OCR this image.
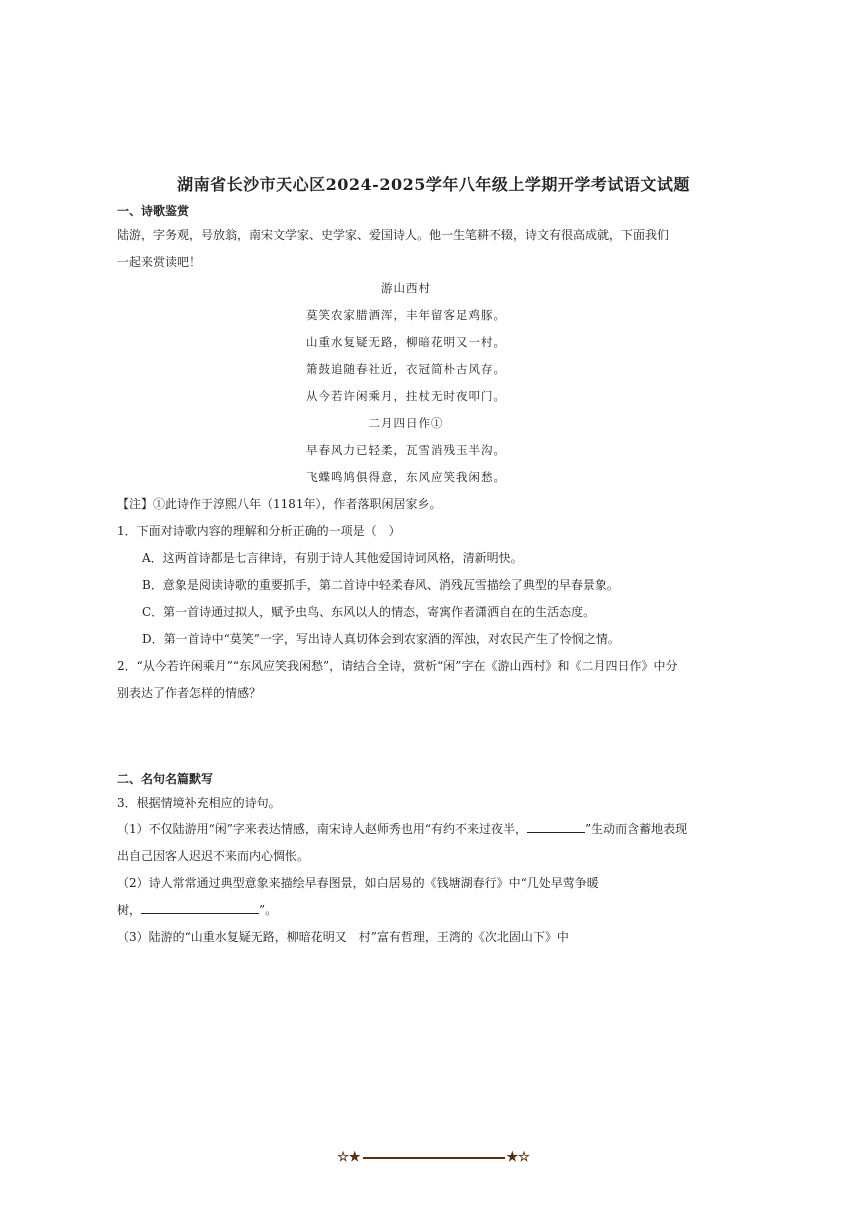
湖南省长沙市天心区2024-2025学年八年级上学期开学考试语文试题
一、诗歌鉴赏
陆游，字务观，号放翁，南宋文学家、史学家、爱国诗人。他一生笔耕不辍，诗文有很高成就，下面我们
一起来赏读吧！
游山西村
莫笑农家腊酒浑，丰年留客足鸡豚。
山重水复疑无路，柳暗花明又一村。
箫鼓追随春社近，衣冠简朴古风存。
从今若许闲乘月，拄杖无时夜叩门。
二月四日作①
早春风力已轻柔，瓦雪消残玉半沟。
飞蝶鸣鸠俱得意，东风应笑我闲愁。
【注】①此诗作于淳熙八年（1181年），作者落职闲居家乡。
1．下面对诗歌内容的理解和分析正确的一项是（　）
A．这两首诗都是七言律诗，有别于诗人其他爱国诗词风格，清新明快。
B．意象是阅读诗歌的重要抓手，第二首诗中轻柔春风、消残瓦雪描绘了典型的早春景象。
C．第一首诗通过拟人，赋予虫鸟、东风以人的情态，寄寓作者潇洒自在的生活态度。
D．第一首诗中“莫笑”一字，写出诗人真切体会到农家酒的浑浊，对农民产生了怜悯之情。
2．“从今若许闲乘月”“东风应笑我闲愁”，请结合全诗，赏析“闲”字在《游山西村》和《二月四日作》中分
别表达了作者怎样的情感？
二、名句名篇默写
3．根据情境补充相应的诗句。
（1）不仅陆游用“闲”字来表达情感，南宋诗人赵师秀也用“有约不来过夜半，	”生动而含蓄地表现
出自己因客人迟迟不来而内心惆怅。
（2）诗人常常通过典型意象来描绘早春图景，如白居易的《钱塘湖春行》中“几处早莺争暖
树，	”。
（3）陆游的“山重水复疑无路，柳暗花明又　村”富有哲理，王湾的《次北固山下》中
☆★	★☆
